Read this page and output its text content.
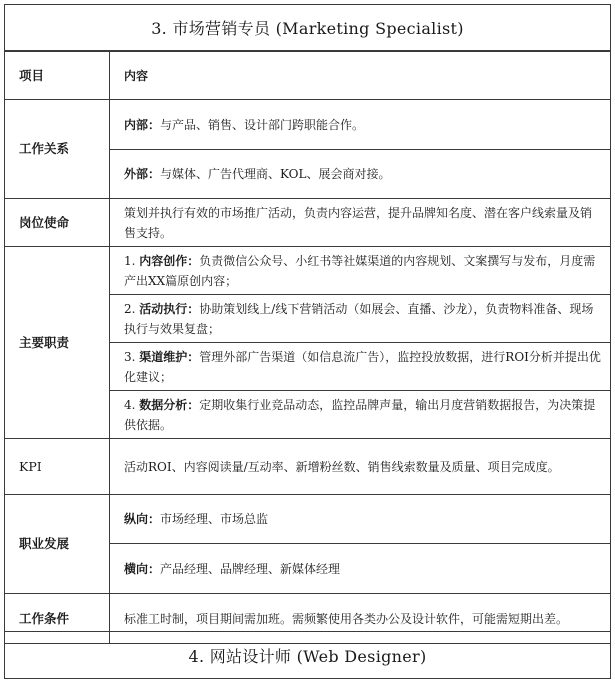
3. 市场营销专员 (Marketing Specialist)
项目	内容
工作关系	内部：与产品、销售、设计部门跨职能合作。
	外部：与媒体、广告代理商、KOL、展会商对接。
岗位使命	策划并执行有效的市场推广活动，负责内容运营，提升品牌知名度、潜在客户线索量及销售支持。
主要职责	1. 内容创作：负责微信公众号、小红书等社媒渠道的内容规划、文案撰写与发布，月度需产出XX篇原创内容；
	2. 活动执行：协助策划线上/线下营销活动（如展会、直播、沙龙），负责物料准备、现场执行与效果复盘；
	3. 渠道维护：管理外部广告渠道（如信息流广告），监控投放数据，进行ROI分析并提出优化建议；
	4. 数据分析：定期收集行业竞品动态，监控品牌声量，输出月度营销数据报告，为决策提供依据。
KPI	活动ROI、内容阅读量/互动率、新增粉丝数、销售线索数量及质量、项目完成度。
职业发展	纵向：市场经理、市场总监
	横向：产品经理、品牌经理、新媒体经理
工作条件	标准工时制，项目期间需加班。需频繁使用各类办公及设计软件，可能需短期出差。
4. 网站设计师 (Web Designer)
